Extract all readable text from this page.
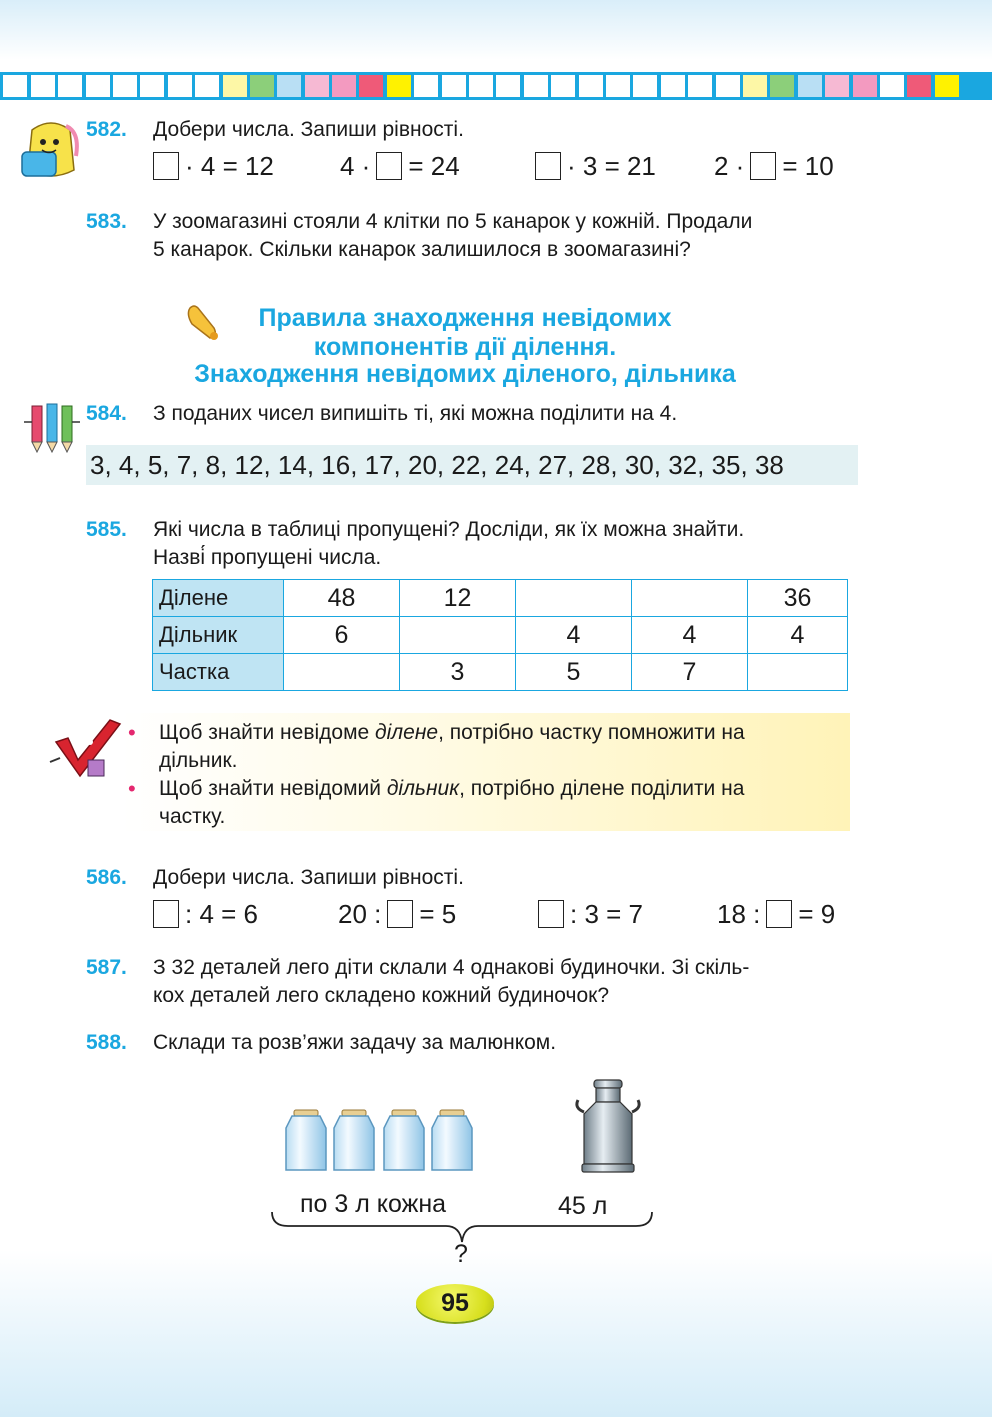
582. Добери числа. Запиши рівності.
· 4 = 12	4 · = 24	· 3 = 21 2 · = 10
583. У зоомагазині стояли 4 клітки по 5 канарок у кожній. Продали
5 канарок. Скільки канарок залишилося в зоомагазині?
Правила знаходження невідомих
компонентів дії ділення.
Знаходження невідомих діленого, дільника
584. З поданих чисел випишіть ті, які можна поділити на 4.
3, 4, 5, 7, 8, 12, 14, 16, 17, 20, 22, 24, 27, 28, 30, 32, 35, 38
585. Які числа в таблиці пропущені? Досліди, як їх можна знайти.
Назві́ пропущені числа.
Ділене	48	12			36
Дільник	6		4	4	4
Частка		3	5	7	
• Щоб знайти невідоме ділене, потрібно частку помножити на
дільник.
• Щоб знайти невідомий дільник, потрібно ділене поділити на
частку.
586. Добери числа. Запиши рівності.
: 4 = 6	20 : = 5	: 3 = 7	18 : = 9
587. З 32 деталей лего діти склали 4 однакові будиночки. Зі скіль-
кох деталей лего складено кожний будиночок?
588. Склади та розв’яжи задачу за малюнком.
по 3 л кожна	45 л
?
95
